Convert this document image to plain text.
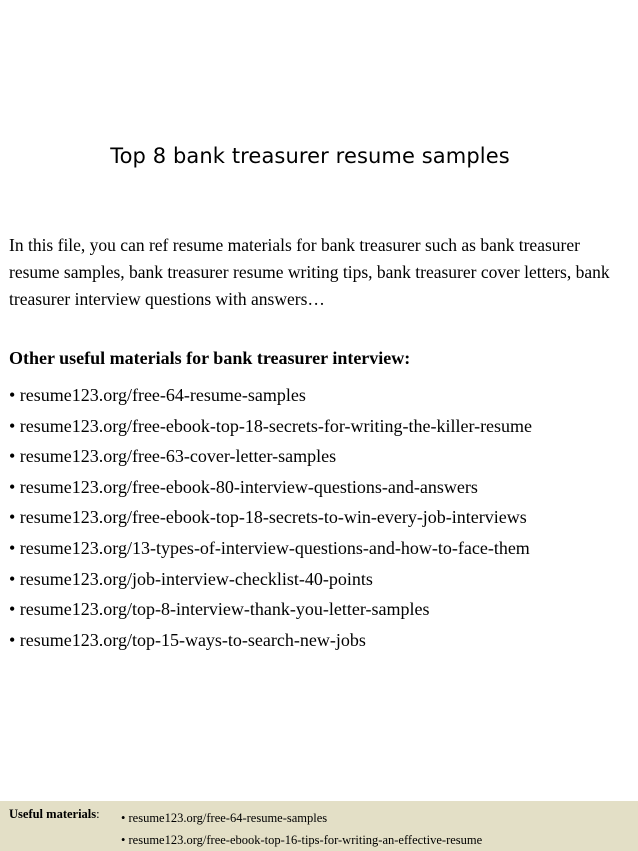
Top 8 bank treasurer resume samples

In this file, you can ref resume materials for bank treasurer such as bank treasurer resume samples, bank treasurer resume writing tips, bank treasurer cover letters, bank treasurer interview questions with answers…

Other useful materials for bank treasurer interview:
• resume123.org/free-64-resume-samples
• resume123.org/free-ebook-top-18-secrets-for-writing-the-killer-resume
• resume123.org/free-63-cover-letter-samples
• resume123.org/free-ebook-80-interview-questions-and-answers
• resume123.org/free-ebook-top-18-secrets-to-win-every-job-interviews
• resume123.org/13-types-of-interview-questions-and-how-to-face-them
• resume123.org/job-interview-checklist-40-points
• resume123.org/top-8-interview-thank-you-letter-samples
• resume123.org/top-15-ways-to-search-new-jobs
Useful materials: • resume123.org/free-64-resume-samples
• resume123.org/free-ebook-top-16-tips-for-writing-an-effective-resume
